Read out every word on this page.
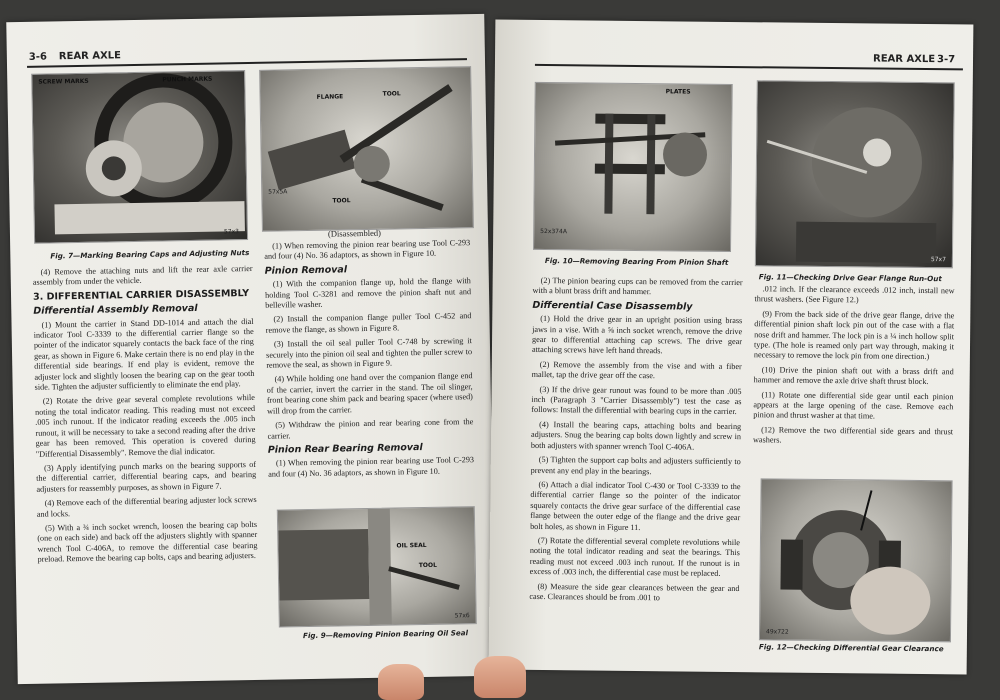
3-6 REAR AXLE
SCREW MARKS	PUNCH MARKS
57x3
Fig. 7—Marking Bearing Caps and Adjusting Nuts
FLANGE	TOOL
TOOL
57x5A
(Disassembled)

(4) Remove the attaching nuts and lift the rear axle carrier assembly from under the vehicle.

3. DIFFERENTIAL CARRIER DISASSEMBLY
Differential Assembly Removal

(1) Mount the carrier in Stand DD-1014 and attach the dial indicator Tool C-3339 to the differential carrier flange so the pointer of the indicator squarely contacts the back face of the ring gear, as shown in Figure 6. Make certain there is no end play in the differential side bearings. If end play is evident, remove the adjuster lock and slightly loosen the bearing cap on the gear tooth side. Tighten the adjuster sufficiently to eliminate the end play.

(2) Rotate the drive gear several complete revolutions while noting the total indicator reading. This reading must not exceed .005 inch runout. If the indicator reading exceeds the .005 inch runout, it will be necessary to take a second reading after the drive gear has been removed. This operation is covered during "Differential Disassembly". Remove the dial indicator.

(3) Apply identifying punch marks on the bearing supports of the differential carrier, differential bearing caps, and bearing adjusters for reassembly purposes, as shown in Figure 7.

(4) Remove each of the differential bearing adjuster lock screws and locks.

(5) With a ¾ inch socket wrench, loosen the bearing cap bolts (one on each side) and back off the adjusters slightly with spanner wrench Tool C-406A, to remove the differential case bearing preload. Remove the bearing cap bolts, caps and bearing adjusters.

(1) When removing the pinion rear bearing use Tool C-293 and four (4) No. 36 adaptors, as shown in Figure 10.

Pinion Removal

(1) With the companion flange up, hold the flange with holding Tool C-3281 and remove the pinion shaft nut and belleville washer.

(2) Install the companion flange puller Tool C-452 and remove the flange, as shown in Figure 8.

(3) Install the oil seal puller Tool C-748 by screwing it securely into the pinion oil seal and tighten the puller screw to remove the seal, as shown in Figure 9.

(4) While holding one hand over the companion flange end of the carrier, invert the carrier in the stand. The oil slinger, front bearing cone shim pack and bearing spacer (where used) will drop from the carrier.

(5) Withdraw the pinion and rear bearing cone from the carrier.

Pinion Rear Bearing Removal

(1) When removing the pinion rear bearing use Tool C-293 and four (4) No. 36 adaptors, as shown in Figure 10.

OIL SEAL
TOOL
57x6
Fig. 9—Removing Pinion Bearing Oil Seal
REAR AXLE 3-7
PLATES
52x374A
Fig. 10—Removing Bearing From Pinion Shaft	57x7
Fig. 11—Checking Drive Gear Flange Run-Out

(2) The pinion bearing cups can be removed from the carrier with a blunt brass drift and hammer.

Differential Case Disassembly

(1) Hold the drive gear in an upright position using brass jaws in a vise. With a ⅝ inch socket wrench, remove the drive gear to differential attaching cap screws. The drive gear attaching screws have left hand threads.

(2) Remove the assembly from the vise and with a fiber mallet, tap the drive gear off the case.

(3) If the drive gear runout was found to be more than .005 inch (Paragraph 3 "Carrier Disassembly") test the case as follows: Install the differential with bearing cups in the carrier.

(4) Install the bearing caps, attaching bolts and bearing adjusters. Snug the bearing cap bolts down lightly and screw in both adjusters with spanner wrench Tool C-406A.

(5) Tighten the support cap bolts and adjusters sufficiently to prevent any end play in the bearings.

(6) Attach a dial indicator Tool C-430 or Tool C-3339 to the differential carrier flange so the pointer of the indicator squarely contacts the drive gear surface of the differential case flange between the outer edge of the flange and the drive gear bolt holes, as shown in Figure 11.

(7) Rotate the differential several complete revolutions while noting the total indicator reading and seat the bearings. This reading must not exceed .003 inch runout. If the runout is in excess of .003 inch, the differential case must be replaced.

(8) Measure the side gear clearances between the gear and case. Clearances should be from .001 to

.012 inch. If the clearance exceeds .012 inch, install new thrust washers. (See Figure 12.)

(9) From the back side of the drive gear flange, drive the differential pinion shaft lock pin out of the case with a flat nose drift and hammer. The lock pin is a ¼ inch hollow split type. (The hole is reamed only part way through, making it necessary to remove the lock pin from one direction.)

(10) Drive the pinion shaft out with a brass drift and hammer and remove the axle drive shaft thrust block.

(11) Rotate one differential side gear until each pinion appears at the large opening of the case. Remove each pinion and thrust washer at that time.

(12) Remove the two differential side gears and thrust washers.

49x722
Fig. 12—Checking Differential Gear Clearance
